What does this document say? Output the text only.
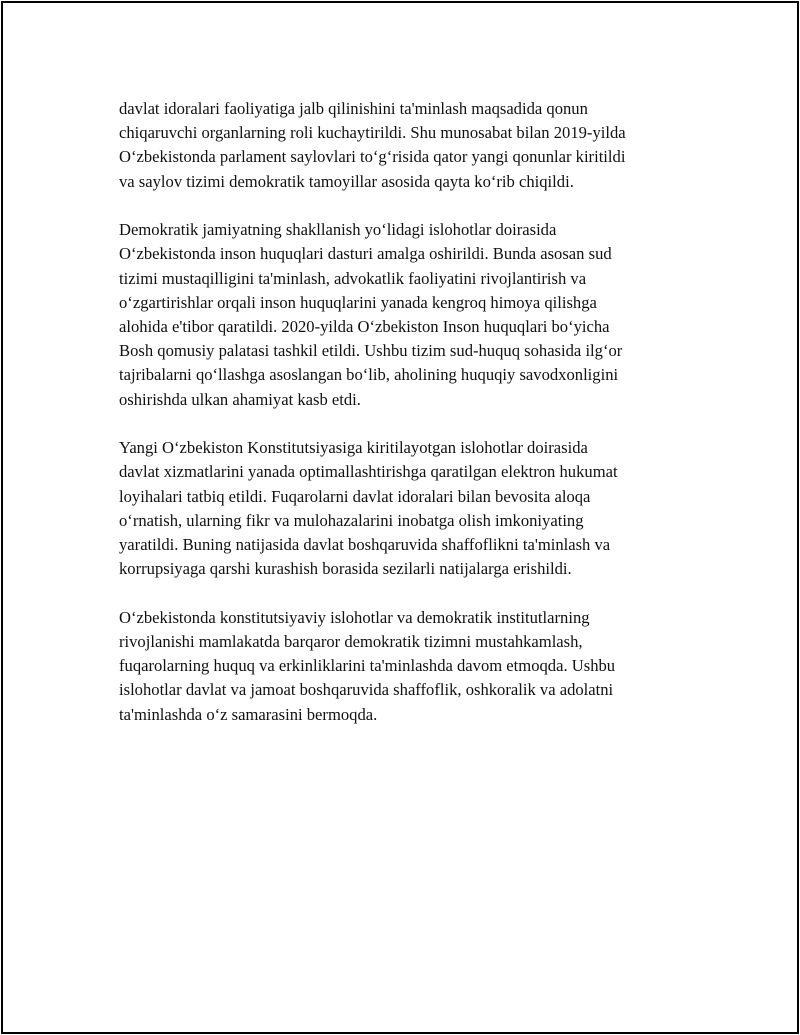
davlat idoralari faoliyatiga jalb qilinishini ta'minlash maqsadida qonun
chiqaruvchi organlarning roli kuchaytirildi. Shu munosabat bilan 2019-yilda
O‘zbekistonda parlament saylovlari to‘g‘risida qator yangi qonunlar kiritildi
va saylov tizimi demokratik tamoyillar asosida qayta ko‘rib chiqildi.

Demokratik jamiyatning shakllanish yo‘lidagi islohotlar doirasida
O‘zbekistonda inson huquqlari dasturi amalga oshirildi. Bunda asosan sud
tizimi mustaqilligini ta'minlash, advokatlik faoliyatini rivojlantirish va
o‘zgartirishlar orqali inson huquqlarini yanada kengroq himoya qilishga
alohida e'tibor qaratildi. 2020-yilda O‘zbekiston Inson huquqlari bo‘yicha
Bosh qomusiy palatasi tashkil etildi. Ushbu tizim sud-huquq sohasida ilg‘or
tajribalarni qo‘llashga asoslangan bo‘lib, aholining huquqiy savodxonligini
oshirishda ulkan ahamiyat kasb etdi.

Yangi O‘zbekiston Konstitutsiyasiga kiritilayotgan islohotlar doirasida
davlat xizmatlarini yanada optimallashtirishga qaratilgan elektron hukumat
loyihalari tatbiq etildi. Fuqarolarni davlat idoralari bilan bevosita aloqa
o‘rnatish, ularning fikr va mulohazalarini inobatga olish imkoniyating
yaratildi. Buning natijasida davlat boshqaruvida shaffoflikni ta'minlash va
korrupsiyaga qarshi kurashish borasida sezilarli natijalarga erishildi.

O‘zbekistonda konstitutsiyaviy islohotlar va demokratik institutlarning
rivojlanishi mamlakatda barqaror demokratik tizimni mustahkamlash,
fuqarolarning huquq va erkinliklarini ta'minlashda davom etmoqda. Ushbu
islohotlar davlat va jamoat boshqaruvida shaffoflik, oshkoralik va adolatni
ta'minlashda o‘z samarasini bermoqda.
